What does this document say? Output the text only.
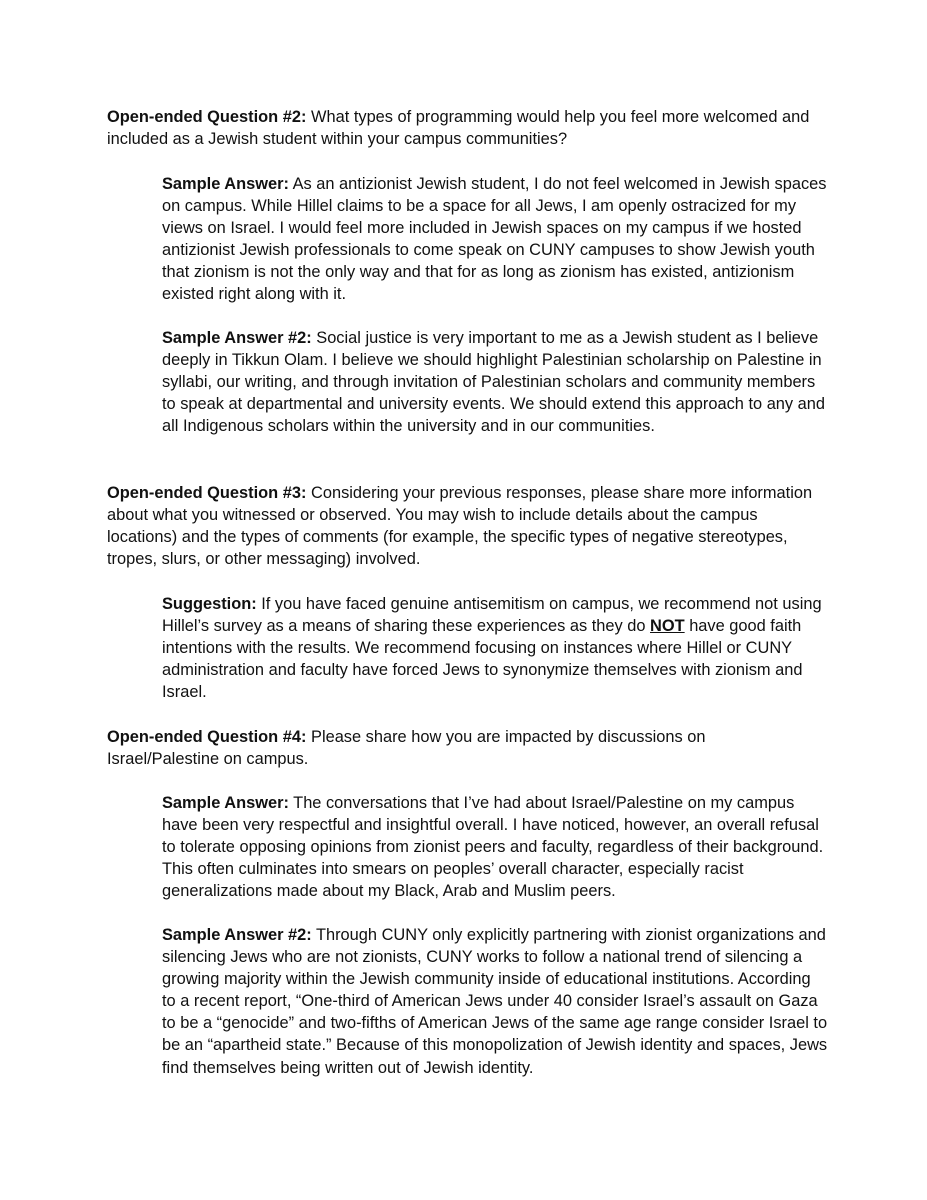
Open-ended Question #2: What types of programming would help you feel more welcomed and included as a Jewish student within your campus communities?

Sample Answer: As an antizionist Jewish student, I do not feel welcomed in Jewish spaces on campus. While Hillel claims to be a space for all Jews, I am openly ostracized for my views on Israel. I would feel more included in Jewish spaces on my campus if we hosted antizionist Jewish professionals to come speak on CUNY campuses to show Jewish youth that zionism is not the only way and that for as long as zionism has existed, antizionism existed right along with it.

Sample Answer #2: Social justice is very important to me as a Jewish student as I believe deeply in Tikkun Olam. I believe we should highlight Palestinian scholarship on Palestine in syllabi, our writing, and through invitation of Palestinian scholars and community members to speak at departmental and university events. We should extend this approach to any and all Indigenous scholars within the university and in our communities.

Open-ended Question #3: Considering your previous responses, please share more information about what you witnessed or observed. You may wish to include details about the campus locations) and the types of comments (for example, the specific types of negative stereotypes, tropes, slurs, or other messaging) involved.

Suggestion: If you have faced genuine antisemitism on campus, we recommend not using Hillel’s survey as a means of sharing these experiences as they do NOT have good faith intentions with the results. We recommend focusing on instances where Hillel or CUNY administration and faculty have forced Jews to synonymize themselves with zionism and Israel.

Open-ended Question #4: Please share how you are impacted by discussions on Israel/Palestine on campus.

Sample Answer: The conversations that I’ve had about Israel/Palestine on my campus have been very respectful and insightful overall. I have noticed, however, an overall refusal to tolerate opposing opinions from zionist peers and faculty, regardless of their background. This often culminates into smears on peoples’ overall character, especially racist generalizations made about my Black, Arab and Muslim peers.

Sample Answer #2: Through CUNY only explicitly partnering with zionist organizations and silencing Jews who are not zionists, CUNY works to follow a national trend of silencing a growing majority within the Jewish community inside of educational institutions. According to a recent report, “One-third of American Jews under 40 consider Israel’s assault on Gaza to be a “genocide” and two-fifths of American Jews of the same age range consider Israel to be an “apartheid state.” Because of this monopolization of Jewish identity and spaces, Jews find themselves being written out of Jewish identity.
